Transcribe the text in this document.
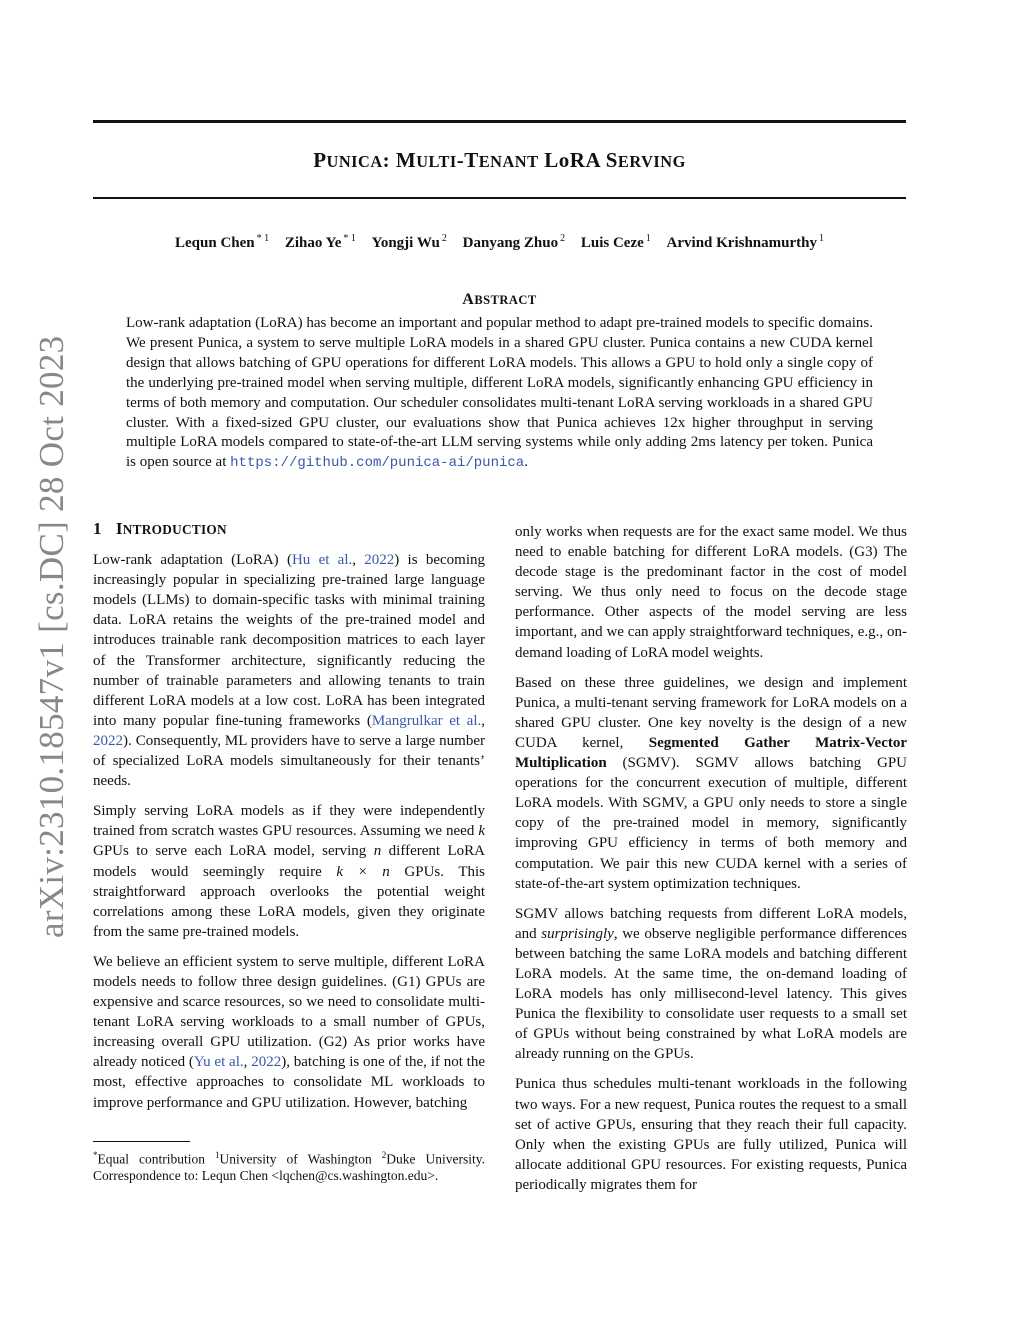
arXiv:2310.18547v1 [cs.DC] 28 Oct 2023
PUNICA: MULTI-TENANT LoRA SERVING
Lequn Chen $^{* 1}$ Zihao Ye $^{* 1}$ Yongji Wu $^2$ Danyang Zhuo $^2$ Luis Ceze $^1$ Arvind Krishnamurthy $^1$
ABSTRACT

Low-rank adaptation (LoRA) has become an important and popular method to adapt pre-trained models to specific domains. We present Punica, a system to serve multiple LoRA models in a shared GPU cluster. Punica contains a new CUDA kernel design that allows batching of GPU operations for different LoRA models. This allows a GPU to hold only a single copy of the underlying pre-trained model when serving multiple, different LoRA models, significantly enhancing GPU efficiency in terms of both memory and computation. Our scheduler consolidates multi-tenant LoRA serving workloads in a shared GPU cluster. With a fixed-sized GPU cluster, our evaluations show that Punica achieves 12x higher throughput in serving multiple LoRA models compared to state-of-the-art LLM serving systems while only adding 2ms latency per token. Punica is open source at https://github.com/punica-ai/punica.

1 INTRODUCTION

Low-rank adaptation (LoRA) (Hu et al., 2022) is becoming increasingly popular in specializing pre-trained large language models (LLMs) to domain-specific tasks with minimal training data. LoRA retains the weights of the pre-trained model and introduces trainable rank decomposition matrices to each layer of the Transformer architecture, significantly reducing the number of trainable parameters and allowing tenants to train different LoRA models at a low cost. LoRA has been integrated into many popular fine-tuning frameworks (Mangrulkar et al., 2022). Consequently, ML providers have to serve a large number of specialized LoRA models simultaneously for their tenants’ needs.

Simply serving LoRA models as if they were independently trained from scratch wastes GPU resources. Assuming we need k GPUs to serve each LoRA model, serving n different LoRA models would seemingly require k × n GPUs. This straightforward approach overlooks the potential weight correlations among these LoRA models, given they originate from the same pre-trained models.

We believe an efficient system to serve multiple, different LoRA models needs to follow three design guidelines. (G1) GPUs are expensive and scarce resources, so we need to consolidate multi-tenant LoRA serving workloads to a small number of GPUs, increasing overall GPU utilization. (G2) As prior works have already noticed (Yu et al., 2022), batching is one of the, if not the most, effective approaches to consolidate ML workloads to improve performance and GPU utilization. However, batching

*Equal contribution $^1$University of Washington $^2$Duke University. Correspondence to: Lequn Chen <lqchen@cs.washington.edu>.

only works when requests are for the exact same model. We thus need to enable batching for different LoRA models. (G3) The decode stage is the predominant factor in the cost of model serving. We thus only need to focus on the decode stage performance. Other aspects of the model serving are less important, and we can apply straightforward techniques, e.g., on-demand loading of LoRA model weights.

Based on these three guidelines, we design and implement Punica, a multi-tenant serving framework for LoRA models on a shared GPU cluster. One key novelty is the design of a new CUDA kernel, Segmented Gather Matrix-Vector Multiplication (SGMV). SGMV allows batching GPU operations for the concurrent execution of multiple, different LoRA models. With SGMV, a GPU only needs to store a single copy of the pre-trained model in memory, significantly improving GPU efficiency in terms of both memory and computation. We pair this new CUDA kernel with a series of state-of-the-art system optimization techniques.

SGMV allows batching requests from different LoRA models, and surprisingly, we observe negligible performance differences between batching the same LoRA models and batching different LoRA models. At the same time, the on-demand loading of LoRA models has only millisecond-level latency. This gives Punica the flexibility to consolidate user requests to a small set of GPUs without being constrained by what LoRA models are already running on the GPUs.

Punica thus schedules multi-tenant workloads in the following two ways. For a new request, Punica routes the request to a small set of active GPUs, ensuring that they reach their full capacity. Only when the existing GPUs are fully utilized, Punica will allocate additional GPU resources. For existing requests, Punica periodically migrates them for
